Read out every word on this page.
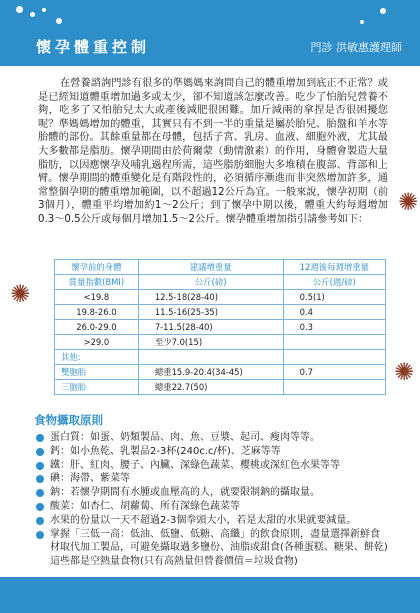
懷孕體重控制	門診 洪敏惠護理師
✺
✺
✺
在營養諮詢門診有很多的準媽媽來詢問自己的體重增加到底正不正常？或是已經知道體重增加過多或太少，卻不知道該怎麼改善。吃少了怕胎兒營養不夠，吃多了又怕胎兒太大或產後減肥很困難。加斤減兩的拿捏是否很困擾您呢？準媽媽增加的體重，其實只有不到一半的重量是屬於胎兒、胎盤和羊水等胎體的部份。其餘重量都在母體，包括子宮、乳房、血液、細胞外液，尤其最大多數都是脂肪。懷孕期間由於荷爾蒙（動情激素）的作用，身體會製造大量脂肪，以因應懷孕及哺乳過程所需，這些脂肪細胞大多堆積在腹部、背部和上臂。懷孕期間的體重變化是有階段性的，必須循序漸進而非突然增加許多，通常整個孕期的體重增加範圍，以不超過12公斤為宜。一般來說，懷孕初期（前3個月），體重平均增加約1～2公斤；到了懷孕中期以後，體重大約每週增加0.3～0.5公斤或每個月增加1.5～2公斤。懷孕體重增加指引請參考如下：
懷孕前的身體	建議增重量	12週後每週增重量
質量指數(BMI)	公斤(磅)	公斤(週/磅)
<19.8	12.5-18(28-40)	0.5(1)
19.8-26.0	11.5-16(25-35)	0.4
26.0-29.0	7-11.5(28-40)	0.3
>29.0	至少7.0(15)	
其他:		
雙胞胎	總重15.9-20.4(34-45)	0.7
三胞胎	總重22.7(50)	
食物攝取原則
蛋白質：如蛋、奶類製品、肉、魚、豆漿、起司、瘦肉等等。
鈣：如小魚乾、乳製品2-3杯(240c.c/杯)、芝麻等等
鐵：肝、紅肉、腰子、內臟、深綠色蔬菜、櫻桃或深紅色水果等等
碘：海帶、紫菜等
鈉：若懷孕期間有水腫或血壓高的人，就要限制鈉的攝取量。
酸菜：如杏仁、胡蘿蔔、所有深綠色蔬菜等
水果的份量以一天不超過2-3個拳頭大小，若是太甜的水果就要減量。
掌握「三低一高：低油、低鹽、低糖、高纖」的飲食原則，盡量選擇新鮮食材取代加工製品，可避免攝取過多鹽份、油脂或甜食(各種蛋糕、糖果、餅乾)這些都是空熱量食物(只有高熱量但營養價值＝垃圾食物)
